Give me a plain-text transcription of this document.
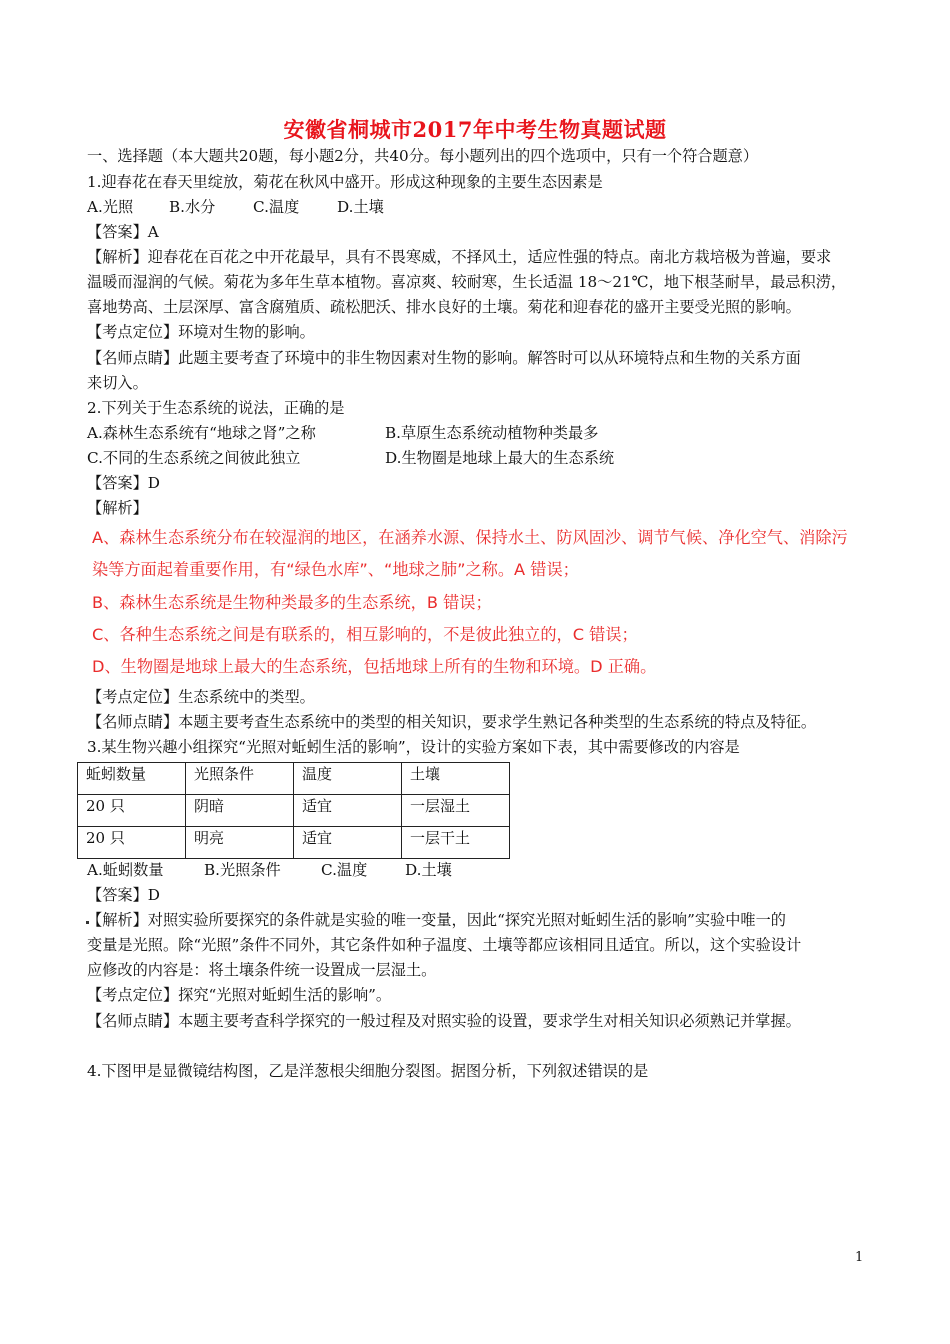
安徽省桐城市2017年中考生物真题试题
一、选择题（本大题共20题，每小题2分，共40分。每小题列出的四个选项中，只有一个符合题意）
1.迎春花在春天里绽放，菊花在秋风中盛开。形成这种现象的主要生态因素是
A.光照 B.水分 C.温度 D.土壤
【答案】A
【解析】迎春花在百花之中开花最早，具有不畏寒威，不择风土，适应性强的特点。南北方栽培极为普遍，要求
温暖而湿润的气候。菊花为多年生草本植物。喜凉爽、较耐寒，生长适温 18～21℃，地下根茎耐旱，最忌积涝，
喜地势高、土层深厚、富含腐殖质、疏松肥沃、排水良好的土壤。菊花和迎春花的盛开主要受光照的影响。
【考点定位】环境对生物的影响。
【名师点睛】此题主要考查了环境中的非生物因素对生物的影响。解答时可以从环境特点和生物的关系方面
来切入。
2.下列关于生态系统的说法，正确的是
A.森林生态系统有“地球之肾”之称	B.草原生态系统动植物种类最多
C.不同的生态系统之间彼此独立	D.生物圈是地球上最大的生态系统
【答案】D
【解析】
A、森林生态系统分布在较湿润的地区，在涵养水源、保持水土、防风固沙、调节气候、净化空气、消除污
染等方面起着重要作用，有“绿色水库”、“地球之肺”之称。A 错误；
B、森林生态系统是生物种类最多的生态系统，B 错误；
C、各种生态系统之间是有联系的，相互影响的，不是彼此独立的，C 错误；
D、生物圈是地球上最大的生态系统，包括地球上所有的生物和环境。D 正确。
【考点定位】生态系统中的类型。
【名师点睛】本题主要考查生态系统中的类型的相关知识，要求学生熟记各种类型的生态系统的特点及特征。
3.某生物兴趣小组探究“光照对蚯蚓生活的影响”，设计的实验方案如下表，其中需要修改的内容是
蚯蚓数量	光照条件	温度	土壤
20 只	阴暗	适宜	一层湿土
20 只	明亮	适宜	一层干土
A.蚯蚓数量	B.光照条件	C.温度 D.土壤
【答案】D
【解析】对照实验所要探究的条件就是实验的唯一变量，因此“探究光照对蚯蚓生活的影响”实验中唯一的
变量是光照。除“光照”条件不同外，其它条件如种子温度、土壤等都应该相同且适宜。所以，这个实验设计
应修改的内容是：将土壤条件统一设置成一层湿土。
【考点定位】探究“光照对蚯蚓生活的影响”。
【名师点睛】本题主要考查科学探究的一般过程及对照实验的设置，要求学生对相关知识必须熟记并掌握。
4.下图甲是显微镜结构图，乙是洋葱根尖细胞分裂图。据图分析，下列叙述错误的是
1
